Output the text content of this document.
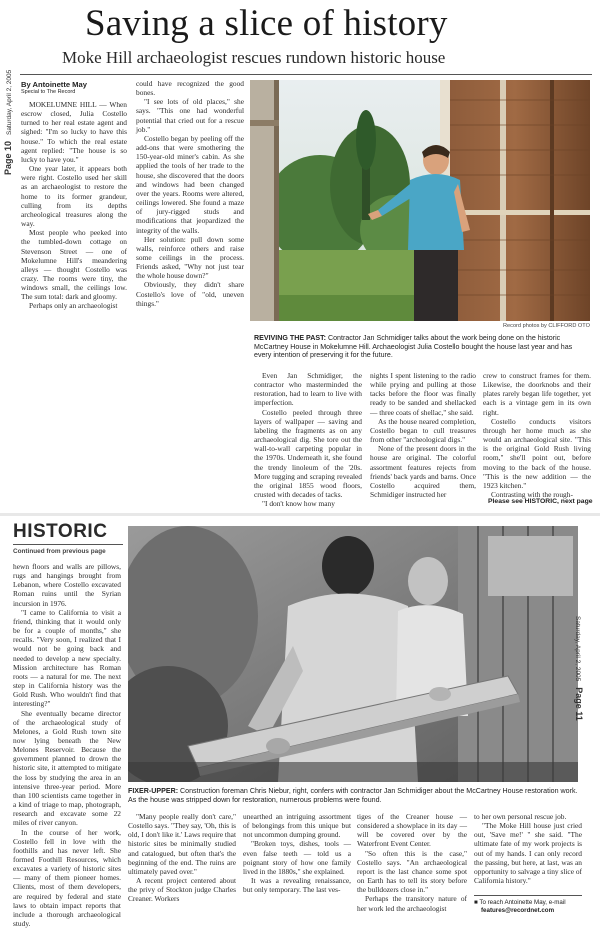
Page 10 Saturday, April 2, 2005
Saving a slice of history
Moke Hill archaeologist rescues rundown historic house
By Antoinette May
Special to The Record

MOKELUMNE HILL — When escrow closed, Julia Costello turned to her real estate agent and sighed: "I'm so lucky to have this house." To which the real estate agent replied: "The house is so lucky to have you."

One year later, it appears both were right. Costello used her skill as an archaeologist to restore the home to its former grandeur, culling from its depths archeological treasures along the way.

Most people who peeked into the tumbled-down cottage on Stevenson Street — one of Mokelumne Hill's meandering alleys — thought Costello was crazy. The rooms were tiny, the windows small, the ceilings low. The sum total: dark and gloomy.

Perhaps only an archaeologist

could have recognized the good bones.

"I see lots of old places," she says. "This one had wonderful potential that cried out for a rescue job."

Costello began by peeling off the add-ons that were smothering the 150-year-old miner's cabin. As she applied the tools of her trade to the house, she discovered that the doors and windows had been changed over the years. Rooms were altered, ceilings lowered. She found a maze of jury-rigged studs and modifications that jeopardized the integrity of the walls.

Her solution: pull down some walls, reinforce others and raise some ceilings in the process. Friends asked, "Why not just tear the whole house down?"

Obviously, they didn't share Costello's love of "old, uneven things."

Record photos by CLIFFORD OTO
REVIVING THE PAST: Contractor Jan Schmidiger talks about the work being done on the historic McCartney House in Mokelumne Hill. Archaeologist Julia Costello bought the house last year and has every intention of preserving it for the future.

Even Jan Schmidiger, the contractor who masterminded the restoration, had to learn to live with imperfection.

Costello peeled through three layers of wallpaper — saving and labeling the fragments as on any archaeological dig. She tore out the wall-to-wall carpeting popular in the 1970s. Underneath it, she found the trendy linoleum of the '20s. More tugging and scraping revealed the original 1855 wood floors, crusted with decades of tacks.

"I don't know how many

nights I spent listening to the radio while prying and pulling at those tacks before the floor was finally ready to be sanded and shellacked — three coats of shellac," she said.

As the house neared completion, Costello began to cull treasures from other "archeological digs."

None of the present doors in the house are original. The colorful assortment features rejects from friends' back yards and barns. Once Costello acquired them, Schmidiger instructed her

crew to construct frames for them. Likewise, the doorknobs and their plates rarely began life together, yet each is a vintage gem in its own right.

Costello conducts visitors through her home much as she would an archaeological site. "This is the original Gold Rush living room," she'll point out, before moving to the back of the house. "This is the new addition — the 1923 kitchen."

Contrasting with the rough-

Please see HISTORIC, next page
HISTORIC
Continued from previous page

hewn floors and walls are pillows, rugs and hangings brought from Lebanon, where Costello excavated Roman ruins until the Syrian incursion in 1976.

"I came to California to visit a friend, thinking that it would only be for a couple of months," she recalls. "Very soon, I realized that I would not be going back and needed to develop a new specialty. Mission architecture has Roman roots — a natural for me. The next step in California history was the Gold Rush. Who wouldn't find that interesting?"

She eventually became director of the archaeological study of Melones, a Gold Rush town site now lying beneath the New Melones Reservoir. Because the government planned to drown the historic site, it attempted to mitigate the loss by studying the area in an intensive three-year period. More than 100 scientists came together in a kind of triage to map, photograph, research and excavate some 22 miles of river canyon.

In the course of her work, Costello fell in love with the foothills and has never left. She formed Foothill Resources, which excavates a variety of historic sites — many of them pioneer homes. Clients, most of them developers, are required by federal and state laws to obtain impact reports that include a thorough archaeological study.

Saturday, April 2, 2005 Page 11
FIXER-UPPER: Construction foreman Chris Niebur, right, confers with contractor Jan Schmidiger about the McCartney House restoration work. As the house was stripped down for restoration, numerous problems were found.

"Many people really don't care," Costello says. "They say, 'Oh, this is old, I don't like it.' Laws require that historic sites be minimally studied and catalogued, but often that's the beginning of the end. The ruins are ultimately paved over."

A recent project centered about the privy of Stockton judge Charles Creaner. Workers

unearthed an intriguing assortment of belongings from this unique but not uncommon dumping ground.

"Broken toys, dishes, tools — even false teeth — told us a poignant story of how one family lived in the 1880s," she explained.

It was a revealing renaissance, but only temporary. The last ves-

tiges of the Creaner house — considered a showplace in its day — will be covered over by the Waterfront Event Center.

"So often this is the case," Costello says. "An archaeological report is the last chance some spot on Earth has to tell its story before the bulldozers close in."

Perhaps the transitory nature of her work led the archaeologist

to her own personal rescue job.

"The Moke Hill house just cried out, 'Save me!' " she said. "The ultimate fate of my work projects is out of my hands. I can only record the passing, but here, at last, was an opportunity to salvage a tiny slice of California history."

■ To reach Antoinette May, e-mail
features@recordnet.com
